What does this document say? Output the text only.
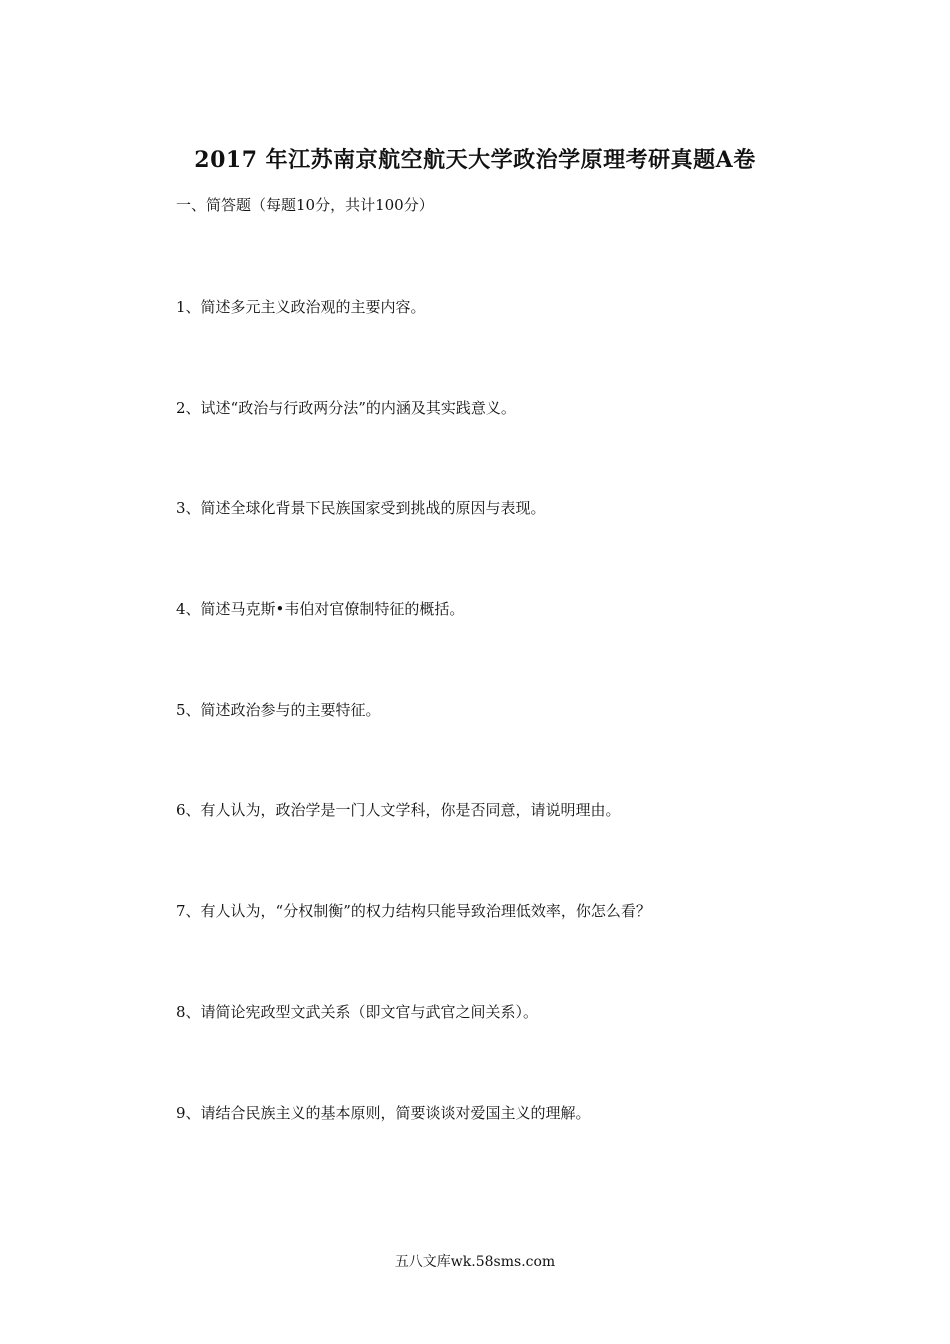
2017 年江苏南京航空航天大学政治学原理考研真题A卷
一、简答题（每题10分，共计100分）
1、简述多元主义政治观的主要内容。
2、试述“政治与行政两分法”的内涵及其实践意义。
3、简述全球化背景下民族国家受到挑战的原因与表现。
4、简述马克斯•韦伯对官僚制特征的概括。
5、简述政治参与的主要特征。
6、有人认为，政治学是一门人文学科，你是否同意，请说明理由。
7、有人认为，“分权制衡”的权力结构只能导致治理低效率，你怎么看？
8、请简论宪政型文武关系（即文官与武官之间关系）。
9、请结合民族主义的基本原则，简要谈谈对爱国主义的理解。
五八文库wk.58sms.com
